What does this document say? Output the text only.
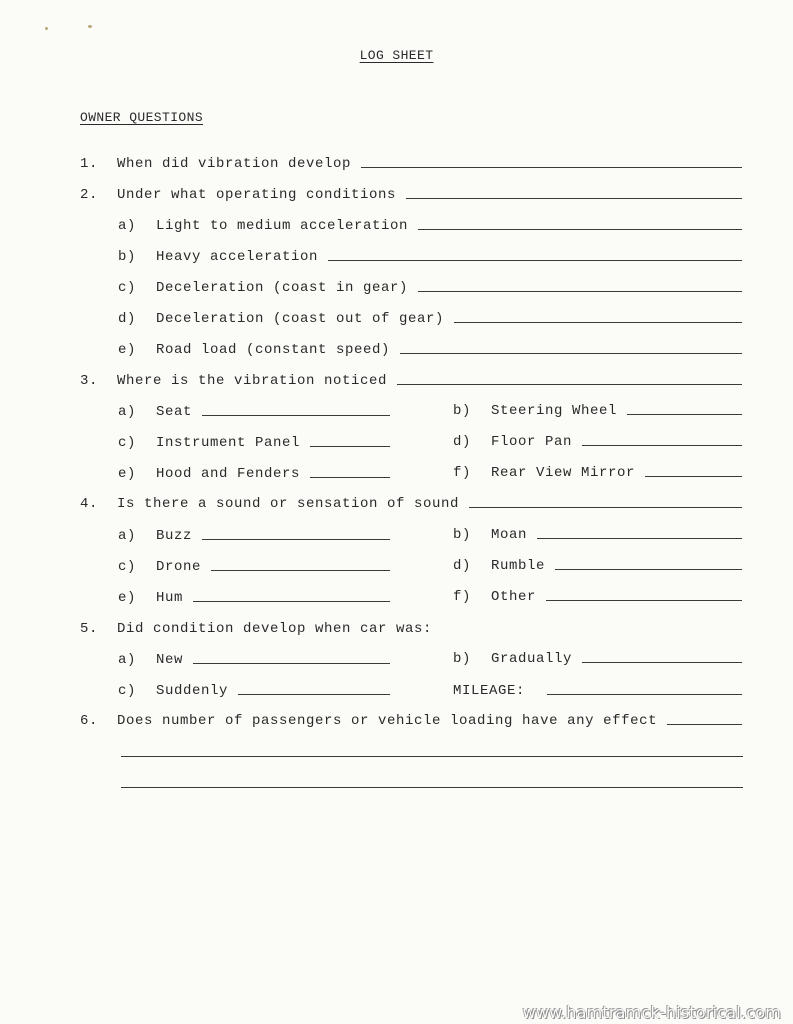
LOG SHEET
OWNER QUESTIONS
1.	When did vibration develop
2.	Under what operating conditions
a)	Light to medium acceleration
b)	Heavy acceleration
c)	Deceleration (coast in gear)
d)	Deceleration (coast out of gear)
e)	Road load (constant speed)
3.	Where is the vibration noticed
a)	Seat	b)	Steering Wheel
c)	Instrument Panel	d)	Floor Pan
e)	Hood and Fenders	f)	Rear View Mirror
4.	Is there a sound or sensation of sound
a)	Buzz	b)	Moan
c)	Drone	d)	Rumble
e)	Hum	f)	Other
5.	Did condition develop when car was:
a)	New	b)	Gradually
c)	Suddenly	MILEAGE:
6.	Does number of passengers or vehicle loading have any effect
www.hamtramck-historical.com
